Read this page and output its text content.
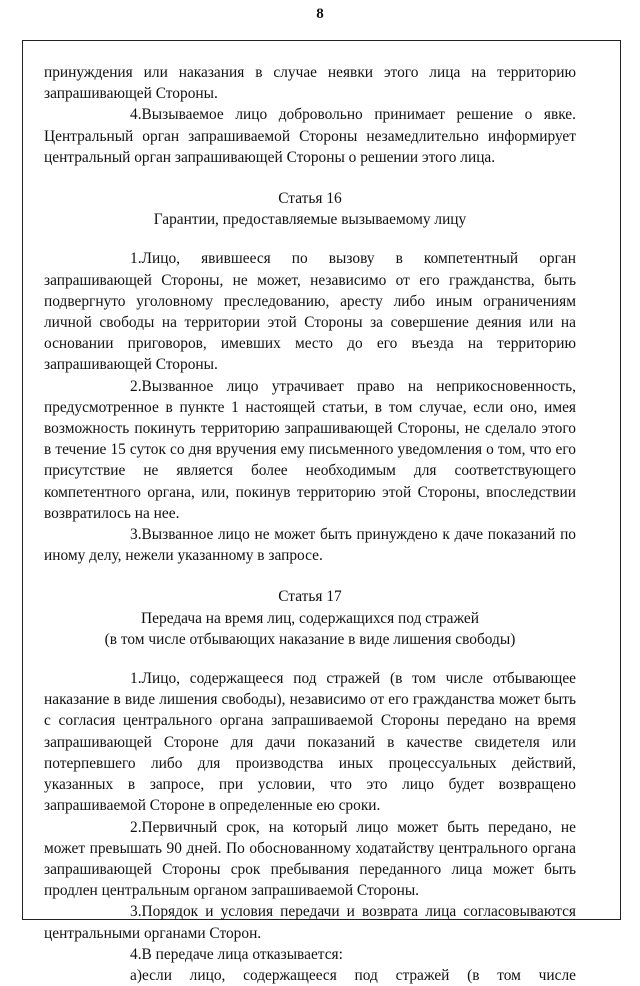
8

принуждения или наказания в случае неявки этого лица на территорию запрашивающей Стороны.

4.Вызываемое лицо добровольно принимает решение о явке. Центральный орган запрашиваемой Стороны незамедлительно информирует центральный орган запрашивающей Стороны о решении этого лица.

Статья 16

Гарантии, предоставляемые вызываемому лицу

1.Лицо, явившееся по вызову в компетентный орган запрашивающей Стороны, не может, независимо от его гражданства, быть подвергнуто уголовному преследованию, аресту либо иным ограничениям личной свободы на территории этой Стороны за совершение деяния или на основании приговоров, имевших место до его въезда на территорию запрашивающей Стороны.

2.Вызванное лицо утрачивает право на неприкосновенность, предусмотренное в пункте 1 настоящей статьи, в том случае, если оно, имея возможность покинуть территорию запрашивающей Стороны, не сделало этого в течение 15 суток со дня вручения ему письменного уведомления о том, что его присутствие не является более необходимым для соответствующего компетентного органа, или, покинув территорию этой Стороны, впоследствии возвратилось на нее.

3.Вызванное лицо не может быть принуждено к даче показаний по иному делу, нежели указанному в запросе.

Статья 17

Передача на время лиц, содержащихся под стражей

(в том числе отбывающих наказание в виде лишения свободы)

1.Лицо, содержащееся под стражей (в том числе отбывающее наказание в виде лишения свободы), независимо от его гражданства может быть с согласия центрального органа запрашиваемой Стороны передано на время запрашивающей Стороне для дачи показаний в качестве свидетеля или потерпевшего либо для производства иных процессуальных действий, указанных в запросе, при условии, что это лицо будет возвращено запрашиваемой Стороне в определенные ею сроки.

2.Первичный срок, на который лицо может быть передано, не может превышать 90 дней. По обоснованному ходатайству центрального органа запрашивающей Стороны срок пребывания переданного лица может быть продлен центральным органом запрашиваемой Стороны.

3.Порядок и условия передачи и возврата лица согласовываются центральными органами Сторон.

4.В передаче лица отказывается:

а)если лицо, содержащееся под стражей (в том числе
